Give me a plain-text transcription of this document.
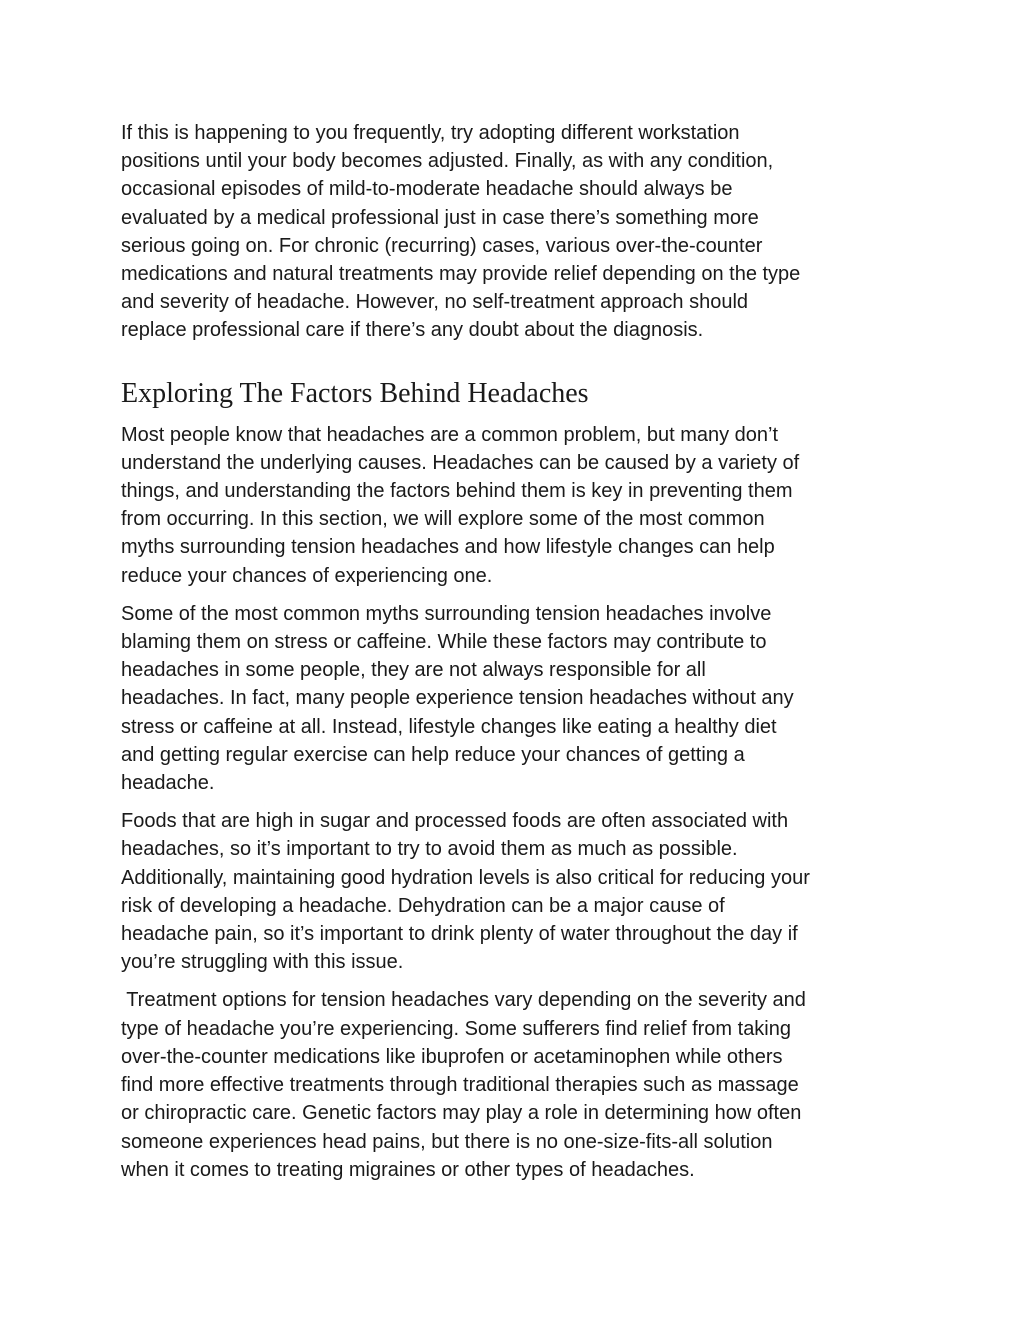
If this is happening to you frequently, try adopting different workstation
positions until your body becomes adjusted. Finally, as with any condition,
occasional episodes of mild-to-moderate headache should always be
evaluated by a medical professional just in case there’s something more
serious going on. For chronic (recurring) cases, various over-the-counter
medications and natural treatments may provide relief depending on the type
and severity of headache. However, no self-treatment approach should
replace professional care if there’s any doubt about the diagnosis.

Exploring The Factors Behind Headaches

Most people know that headaches are a common problem, but many don’t
understand the underlying causes. Headaches can be caused by a variety of
things, and understanding the factors behind them is key in preventing them
from occurring. In this section, we will explore some of the most common
myths surrounding tension headaches and how lifestyle changes can help
reduce your chances of experiencing one.

Some of the most common myths surrounding tension headaches involve
blaming them on stress or caffeine. While these factors may contribute to
headaches in some people, they are not always responsible for all
headaches. In fact, many people experience tension headaches without any
stress or caffeine at all. Instead, lifestyle changes like eating a healthy diet
and getting regular exercise can help reduce your chances of getting a
headache.

Foods that are high in sugar and processed foods are often associated with
headaches, so it’s important to try to avoid them as much as possible.
Additionally, maintaining good hydration levels is also critical for reducing your
risk of developing a headache. Dehydration can be a major cause of
headache pain, so it’s important to drink plenty of water throughout the day if
you’re struggling with this issue.

Treatment options for tension headaches vary depending on the severity and
type of headache you’re experiencing. Some sufferers find relief from taking
over-the-counter medications like ibuprofen or acetaminophen while others
find more effective treatments through traditional therapies such as massage
or chiropractic care. Genetic factors may play a role in determining how often
someone experiences head pains, but there is no one-size-fits-all solution
when it comes to treating migraines or other types of headaches.
